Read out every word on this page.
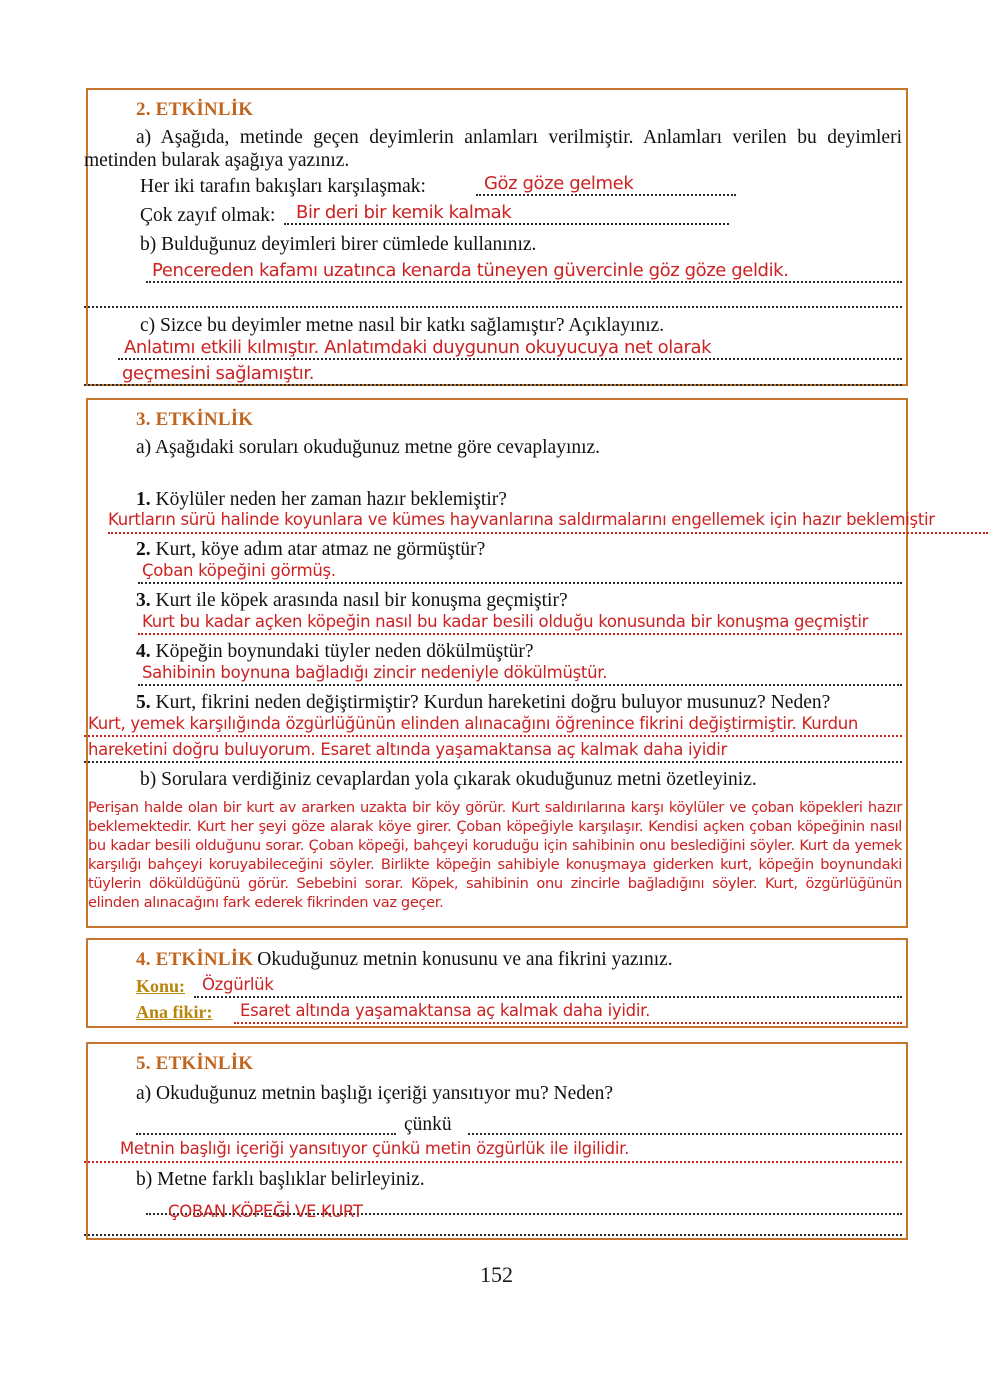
2. ETKİNLİK
a) Aşağıda, metinde geçen deyimlerin anlamları verilmiştir. Anlamları verilen bu deyimleri metinden bularak aşağıya yazınız.
Her iki tarafın bakışları karşılaşmak:	Göz göze gelmek
Çok zayıf olmak: Bir deri bir kemik kalmak
b) Bulduğunuz deyimleri birer cümlede kullanınız.
Pencereden kafamı uzatınca kenarda tüneyen güvercinle göz göze geldik.
c) Sizce bu deyimler metne nasıl bir katkı sağlamıştır? Açıklayınız.
Anlatımı etkili kılmıştır. Anlatımdaki duygunun okuyucuya net olarak
geçmesini sağlamıştır.
3. ETKİNLİK
a) Aşağıdaki soruları okuduğunuz metne göre cevaplayınız.
1. Köylüler neden her zaman hazır beklemiştir?
Kurtların sürü halinde koyunlara ve kümes hayvanlarına saldırmalarını engellemek için hazır beklemiştir
2. Kurt, köye adım atar atmaz ne görmüştür?
Çoban köpeğini görmüş.
3. Kurt ile köpek arasında nasıl bir konuşma geçmiştir?
Kurt bu kadar açken köpeğin nasıl bu kadar besili olduğu konusunda bir konuşma geçmiştir
4. Köpeğin boynundaki tüyler neden dökülmüştür?
Sahibinin boynuna bağladığı zincir nedeniyle dökülmüştür.
5. Kurt, fikrini neden değiştirmiştir? Kurdun hareketini doğru buluyor musunuz? Neden?
Kurt, yemek karşılığında özgürlüğünün elinden alınacağını öğrenince fikrini değiştirmiştir. Kurdun
hareketini doğru buluyorum. Esaret altında yaşamaktansa aç kalmak daha iyidir
b) Sorulara verdiğiniz cevaplardan yola çıkarak okuduğunuz metni özetleyiniz.
Perişan halde olan bir kurt av ararken uzakta bir köy görür. Kurt saldırılarına karşı köylüler ve çoban köpekleri hazır beklemektedir. Kurt her şeyi göze alarak köye girer. Çoban köpeğiyle karşılaşır. Kendisi açken çoban köpeğinin nasıl bu kadar besili olduğunu sorar. Çoban köpeği, bahçeyi koruduğu için sahibinin onu beslediğini söyler. Kurt da yemek karşılığı bahçeyi koruyabileceğini söyler. Birlikte köpeğin sahibiyle konuşmaya giderken kurt, köpeğin boynundaki tüylerin döküldüğünü görür. Sebebini sorar. Köpek, sahibinin onu zincirle bağladığını söyler. Kurt, özgürlüğünün elinden alınacağını fark ederek fikrinden vaz geçer.
4. ETKİNLİK Okuduğunuz metnin konusunu ve ana fikrini yazınız.
Konu: Özgürlük
Ana fikir: Esaret altında yaşamaktansa aç kalmak daha iyidir.
5. ETKİNLİK
a) Okuduğunuz metnin başlığı içeriği yansıtıyor mu? Neden?
çünkü
Metnin başlığı içeriği yansıtıyor çünkü metin özgürlük ile ilgilidir.
b) Metne farklı başlıklar belirleyiniz.
ÇOBAN KÖPEĞİ VE KURT
152
